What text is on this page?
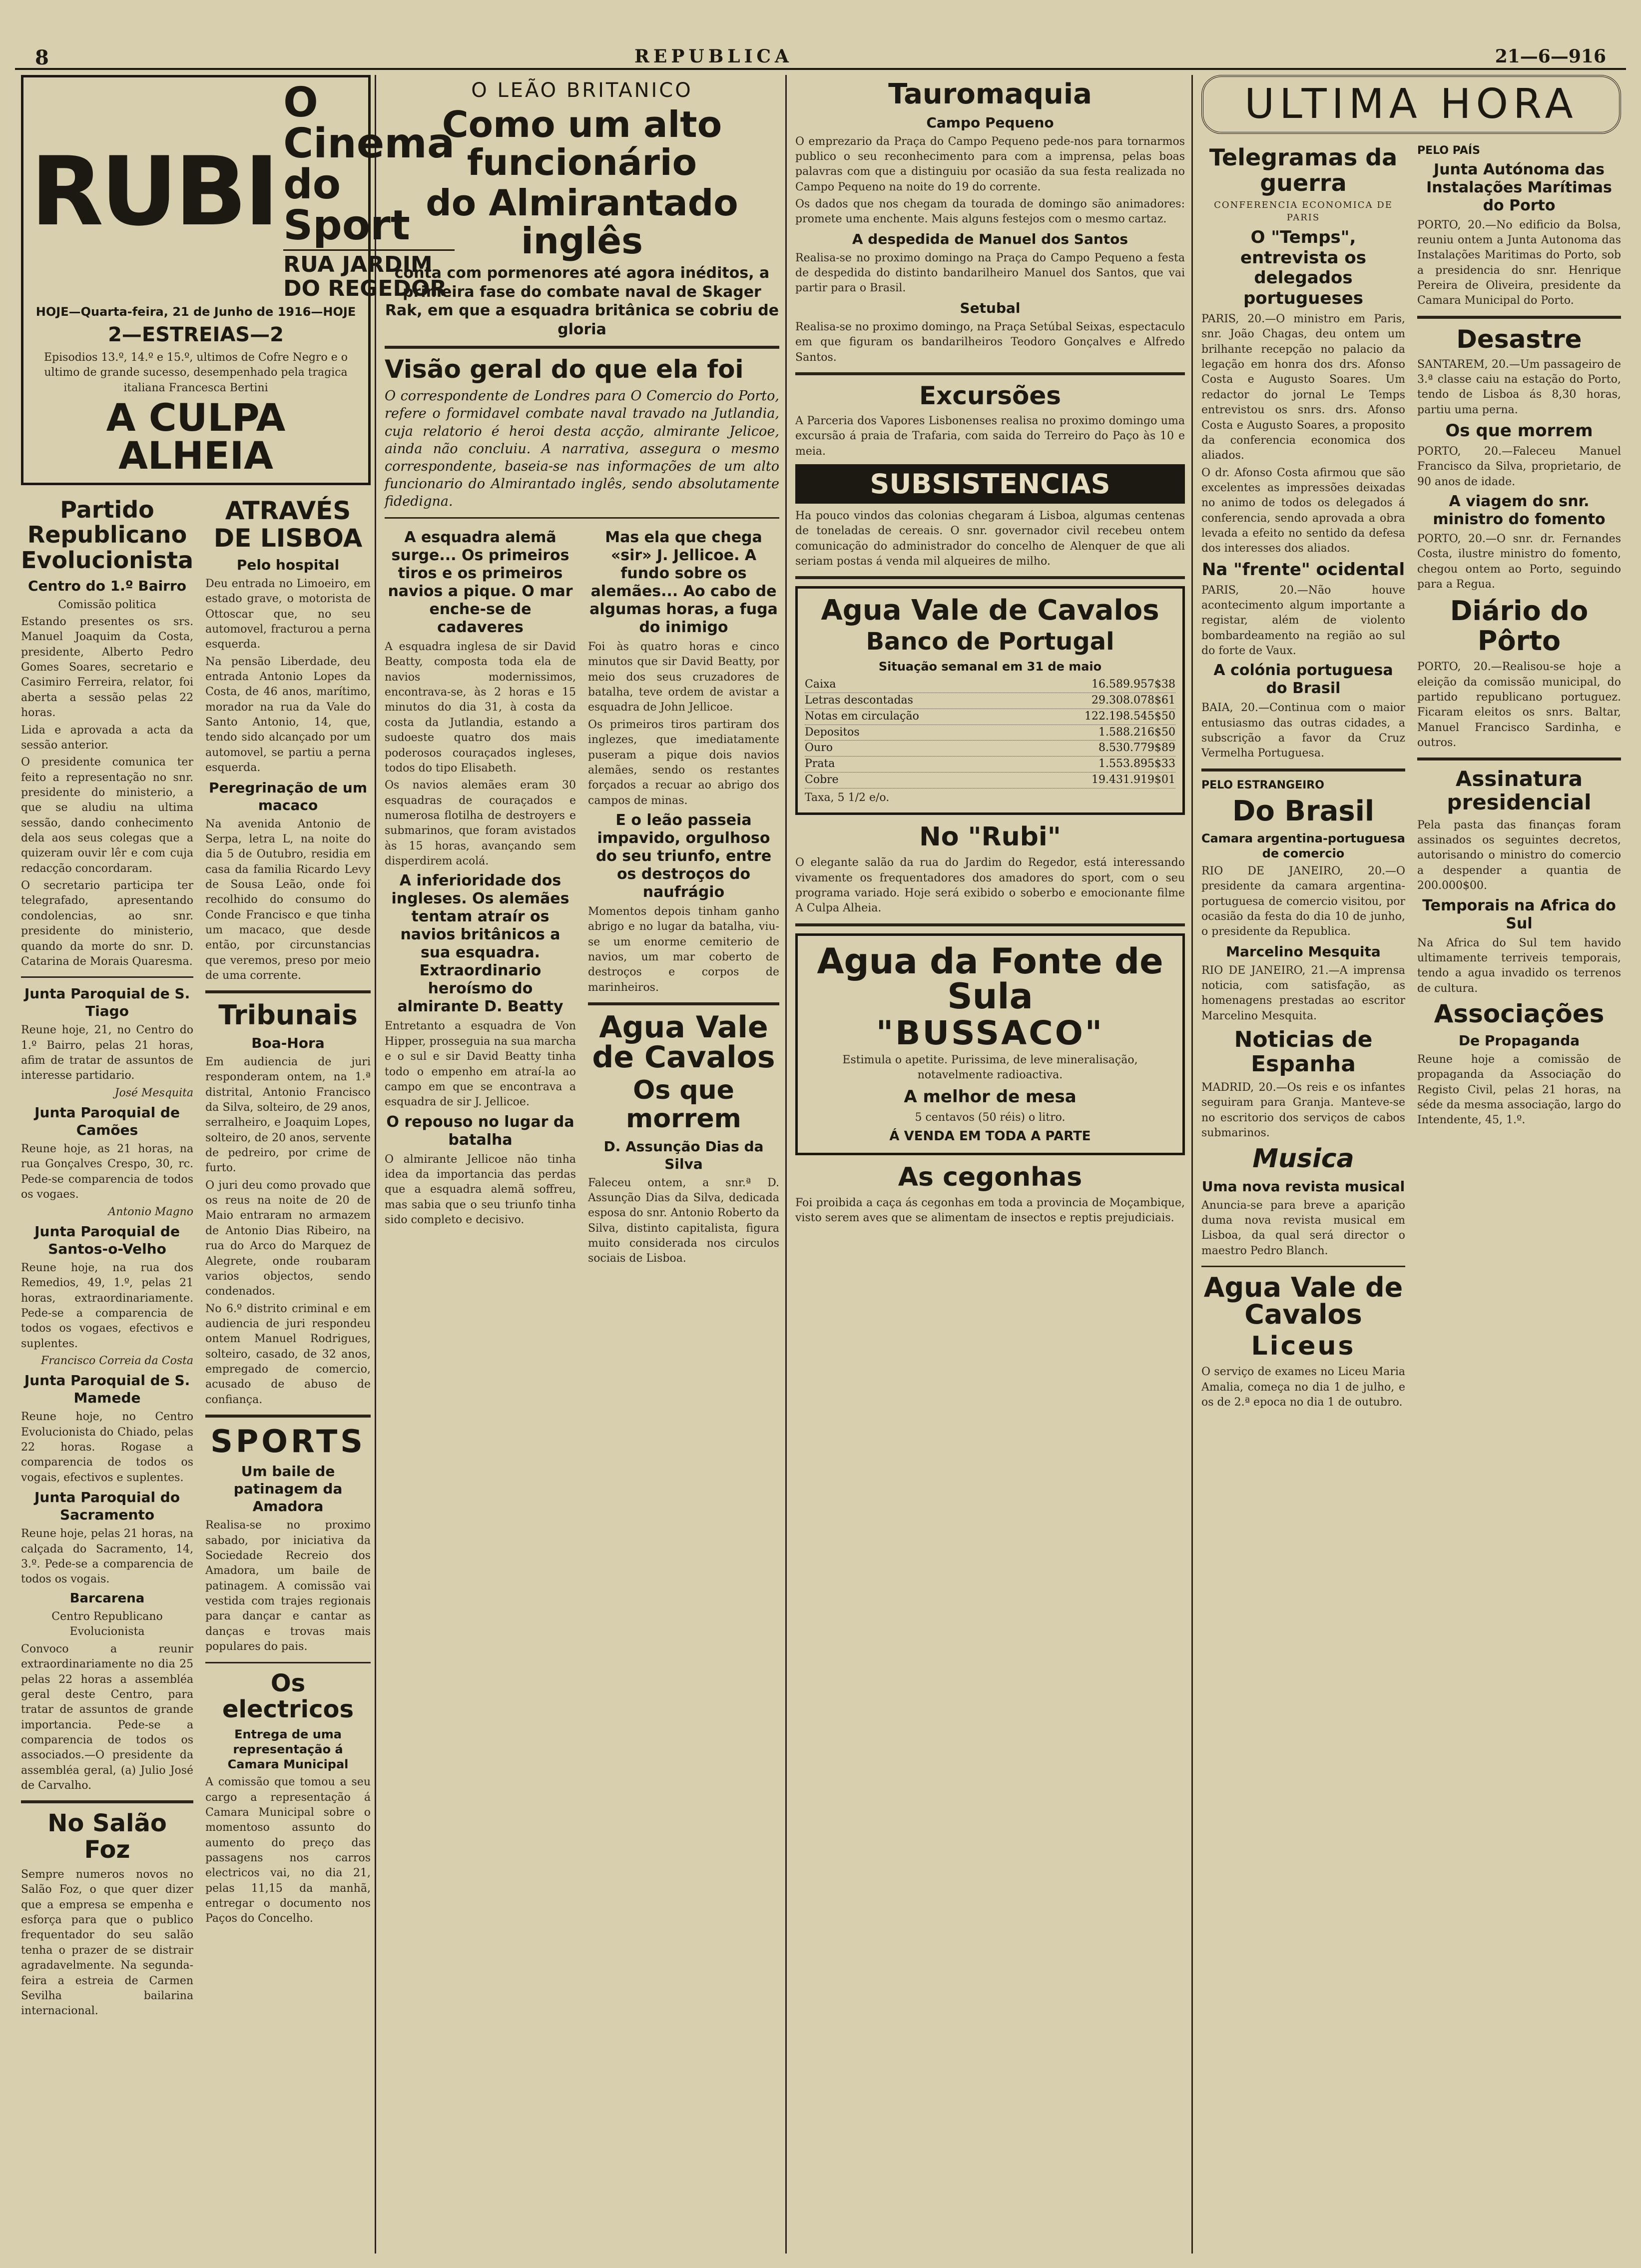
8	REPUBLICA	21—6—916
RUBI
O Cinema do Sport
RUA JARDIM DO REGEDOR
HOJE—Quarta-feira, 21 de Junho de 1916—HOJE
2—ESTREIAS—2
Episodios 13.º, 14.º e 15.º, ultimos de Cofre Negro e o ultimo de grande sucesso, desempenhado pela tragica italiana Francesca Bertini
A CULPA ALHEIA
Partido Republicano Evolucionista
Centro do 1.º Bairro
Comissão politica

Estando presentes os srs. Manuel Joaquim da Costa, presidente, Alberto Pedro Gomes Soares, secretario e Casimiro Ferreira, relator, foi aberta a sessão pelas 22 horas.

Lida e aprovada a acta da sessão anterior.

O presidente comunica ter feito a representação no snr. presidente do ministerio, a que se aludiu na ultima sessão, dando conhecimento dela aos seus colegas que a quizeram ouvir lêr e com cuja redacção concordaram.

O secretario participa ter telegrafado, apresentando condolencias, ao snr. presidente do ministerio, quando da morte do snr. D. Catarina de Morais Quaresma.

Junta Paroquial de S. Tiago

Reune hoje, 21, no Centro do 1.º Bairro, pelas 21 horas, afim de tratar de assuntos de interesse partidario.

José Mesquita

Junta Paroquial de Camões

Reune hoje, as 21 horas, na rua Gonçalves Crespo, 30, rc. Pede-se comparencia de todos os vogaes.

Antonio Magno

Junta Paroquial de Santos-o-Velho

Reune hoje, na rua dos Remedios, 49, 1.º, pelas 21 horas, extraordinariamente. Pede-se a comparencia de todos os vogaes, efectivos e suplentes.

Francisco Correia da Costa

Junta Paroquial de S. Mamede

Reune hoje, no Centro Evolucionista do Chiado, pelas 22 horas. Rogase a comparencia de todos os vogais, efectivos e suplentes.

Junta Paroquial do Sacramento

Reune hoje, pelas 21 horas, na calçada do Sacramento, 14, 3.º. Pede-se a comparencia de todos os vogais.

Barcarena
Centro Republicano Evolucionista

Convoco a reunir extraordinariamente no dia 25 pelas 22 horas a assembléa geral deste Centro, para tratar de assuntos de grande importancia. Pede-se a comparencia de todos os associados.—O presidente da assembléa geral, (a) Julio José de Carvalho.

No Salão Foz

Sempre numeros novos no Salão Foz, o que quer dizer que a empresa se empenha e esforça para que o publico frequentador do seu salão tenha o prazer de se distrair agradavelmente. Na segunda-feira a estreia de Carmen Sevilha bailarina internacional.

ATRAVÉS DE LISBOA
Pelo hospital

Deu entrada no Limoeiro, em estado grave, o motorista de Ottoscar que, no seu automovel, fracturou a perna esquerda.

Na pensão Liberdade, deu entrada Antonio Lopes da Costa, de 46 anos, marítimo, morador na rua da Vale do Santo Antonio, 14, que, tendo sido alcançado por um automovel, se partiu a perna esquerda.

Peregrinação de um macaco

Na avenida Antonio de Serpa, letra L, na noite do dia 5 de Outubro, residia em casa da familia Ricardo Levy de Sousa Leão, onde foi recolhido do consumo do Conde Francisco e que tinha um macaco, que desde então, por circunstancias que veremos, preso por meio de uma corrente.

Tribunais
Boa-Hora

Em audiencia de juri responderam ontem, na 1.ª distrital, Antonio Francisco da Silva, solteiro, de 29 anos, serralheiro, e Joaquim Lopes, solteiro, de 20 anos, servente de pedreiro, por crime de furto.

O juri deu como provado que os reus na noite de 20 de Maio entraram no armazem de Antonio Dias Ribeiro, na rua do Arco do Marquez de Alegrete, onde roubaram varios objectos, sendo condenados.

No 6.º distrito criminal e em audiencia de juri respondeu ontem Manuel Rodrigues, solteiro, casado, de 32 anos, empregado de comercio, acusado de abuso de confiança.

SPORTS
Um baile de patinagem da Amadora

Realisa-se no proximo sabado, por iniciativa da Sociedade Recreio dos Amadora, um baile de patinagem. A comissão vai vestida com trajes regionais para dançar e cantar as danças e trovas mais populares do pais.

Os electricos
Entrega de uma representação á Camara Municipal

A comissão que tomou a seu cargo a representação á Camara Municipal sobre o momentoso assunto do aumento do preço das passagens nos carros electricos vai, no dia 21, pelas 11,15 da manhã, entregar o documento nos Paços do Concelho.

O LEÃO BRITANICO
Como um alto funcionário
do Almirantado inglês
conta com pormenores até agora inéditos, a primeira fase do combate naval de Skager Rak, em que a esquadra britânica se cobriu de gloria
Visão geral do que ela foi

O correspondente de Londres para O Comercio do Porto, refere o formidavel combate naval travado na Jutlandia, cuja relatorio é heroi desta acção, almirante Jelicoe, ainda não concluiu. A narrativa, assegura o mesmo correspondente, baseia-se nas informações de um alto funcionario do Almirantado inglês, sendo absolutamente fidedigna.

A esquadra alemã surge... Os primeiros tiros e os primeiros navios a pique. O mar enche-se de cadaveres

A esquadra inglesa de sir David Beatty, composta toda ela de navios modernissimos, encontrava-se, às 2 horas e 15 minutos do dia 31, à costa da costa da Jutlandia, estando a sudoeste quatro dos mais poderosos couraçados ingleses, todos do tipo Elisabeth.

Os navios alemães eram 30 esquadras de couraçados e numerosa flotilha de destroyers e submarinos, que foram avistados às 15 horas, avançando sem disperdirem acolá.

A inferioridade dos ingleses. Os alemães tentam atraír os navios britânicos a sua esquadra. Extraordinario heroísmo do almirante D. Beatty

Entretanto a esquadra de Von Hipper, prosseguia na sua marcha e o sul e sir David Beatty tinha todo o empenho em atraí-la ao campo em que se encontrava a esquadra de sir J. Jellicoe.

O repouso no lugar da batalha

O almirante Jellicoe não tinha idea da importancia das perdas que a esquadra alemã soffreu, mas sabia que o seu triunfo tinha sido completo e decisivo.

Mas ela que chega «sir» J. Jellicoe. A fundo sobre os alemães... Ao cabo de algumas horas, a fuga do inimigo

Foi às quatro horas e cinco minutos que sir David Beatty, por meio dos seus cruzadores de batalha, teve ordem de avistar a esquadra de John Jellicoe.

Os primeiros tiros partiram dos inglezes, que imediatamente puseram a pique dois navios alemães, sendo os restantes forçados a recuar ao abrigo dos campos de minas.

E o leão passeia impavido, orgulhoso do seu triunfo, entre os destroços do naufrágio

Momentos depois tinham ganho abrigo e no lugar da batalha, viu-se um enorme cemiterio de navios, um mar coberto de destroços e corpos de marinheiros.

Agua Vale de Cavalos
Os que morrem
D. Assunção Dias da Silva

Faleceu ontem, a snr.ª D. Assunção Dias da Silva, dedicada esposa do snr. Antonio Roberto da Silva, distinto capitalista, figura muito considerada nos circulos sociais de Lisboa.

Tauromaquia
Campo Pequeno

O emprezario da Praça do Campo Pequeno pede-nos para tornarmos publico o seu reconhecimento para com a imprensa, pelas boas palavras com que a distinguiu por ocasião da sua festa realizada no Campo Pequeno na noite do 19 do corrente.

Os dados que nos chegam da tourada de domingo são animadores: promete uma enchente. Mais alguns festejos com o mesmo cartaz.

A despedida de Manuel dos Santos

Realisa-se no proximo domingo na Praça do Campo Pequeno a festa de despedida do distinto bandarilheiro Manuel dos Santos, que vai partir para o Brasil.

Setubal

Realisa-se no proximo domingo, na Praça Setúbal Seixas, espectaculo em que figuram os bandarilheiros Teodoro Gonçalves e Alfredo Santos.

Excursões

A Parceria dos Vapores Lisbonenses realisa no proximo domingo uma excursão á praia de Trafaria, com saida do Terreiro do Paço às 10 e meia.

SUBSISTENCIAS

Ha pouco vindos das colonias chegaram á Lisboa, algumas centenas de toneladas de cereais. O snr. governador civil recebeu ontem comunicação do administrador do concelho de Alenquer de que ali seriam postas á venda mil alqueires de milho.

Agua Vale de Cavalos
Banco de Portugal
Situação semanal em 31 de maio
Caixa	16.589.957$38
Letras descontadas	29.308.078$61
Notas em circulação	122.198.545$50
Depositos	1.588.216$50
Ouro	8.530.779$89
Prata	1.553.895$33
Cobre	19.431.919$01
Taxa, 5 1/2 e/o.
No "Rubi"

O elegante salão da rua do Jardim do Regedor, está interessando vivamente os frequentadores dos amadores do sport, com o seu programa variado. Hoje será exibido o soberbo e emocionante filme A Culpa Alheia.

Agua da Fonte de Sula
"BUSSACO"

Estimula o apetite. Purissima, de leve mineralisação, notavelmente radioactiva.

A melhor de mesa
5 centavos (50 réis) o litro.
Á VENDA EM TODA A PARTE
As cegonhas

Foi proibida a caça ás cegonhas em toda a provincia de Moçambique, visto serem aves que se alimentam de insectos e reptis prejudiciais.

ULTIMA HORA
Telegramas da guerra
CONFERENCIA ECONOMICA DE PARIS
O "Temps", entrevista os delegados portugueses

PARIS, 20.—O ministro em Paris, snr. João Chagas, deu ontem um brilhante recepção no palacio da legação em honra dos drs. Afonso Costa e Augusto Soares. Um redactor do jornal Le Temps entrevistou os snrs. drs. Afonso Costa e Augusto Soares, a proposito da conferencia economica dos aliados.

O dr. Afonso Costa afirmou que são excelentes as impressões deixadas no animo de todos os delegados á conferencia, sendo aprovada a obra levada a efeito no sentido da defesa dos interesses dos aliados.

Na "frente" ocidental

PARIS, 20.—Não houve acontecimento algum importante a registar, além de violento bombardeamento na região ao sul do forte de Vaux.

A colónia portuguesa do Brasil

BAIA, 20.—Continua com o maior entusiasmo das outras cidades, a subscrição a favor da Cruz Vermelha Portuguesa.

PELO ESTRANGEIRO
Do Brasil
Camara argentina-portuguesa de comercio

RIO DE JANEIRO, 20.—O presidente da camara argentina-portuguesa de comercio visitou, por ocasião da festa do dia 10 de junho, o presidente da Republica.

Marcelino Mesquita

RIO DE JANEIRO, 21.—A imprensa noticia, com satisfação, as homenagens prestadas ao escritor Marcelino Mesquita.

Noticias de Espanha

MADRID, 20.—Os reis e os infantes seguiram para Granja. Manteve-se no escritorio dos serviços de cabos submarinos.

Musica
Uma nova revista musical

Anuncia-se para breve a aparição duma nova revista musical em Lisboa, da qual será director o maestro Pedro Blanch.

Agua Vale de Cavalos
Liceus

O serviço de exames no Liceu Maria Amalia, começa no dia 1 de julho, e os de 2.ª epoca no dia 1 de outubro.

PELO PAÍS
Junta Autónoma das Instalações Marítimas do Porto

PORTO, 20.—No edificio da Bolsa, reuniu ontem a Junta Autonoma das Instalações Maritimas do Porto, sob a presidencia do snr. Henrique Pereira de Oliveira, presidente da Camara Municipal do Porto.

Desastre

SANTAREM, 20.—Um passageiro de 3.ª classe caiu na estação do Porto, tendo de Lisboa ás 8,30 horas, partiu uma perna.

Os que morrem

PORTO, 20.—Faleceu Manuel Francisco da Silva, proprietario, de 90 anos de idade.

A viagem do snr. ministro do fomento

PORTO, 20.—O snr. dr. Fernandes Costa, ilustre ministro do fomento, chegou ontem ao Porto, seguindo para a Regua.

Diário do Pôrto

PORTO, 20.—Realisou-se hoje a eleição da comissão municipal, do partido republicano portuguez. Ficaram eleitos os snrs. Baltar, Manuel Francisco Sardinha, e outros.

Assinatura presidencial

Pela pasta das finanças foram assinados os seguintes decretos, autorisando o ministro do comercio a despender a quantia de 200.000$00.

Temporais na Africa do Sul

Na Africa do Sul tem havido ultimamente terriveis temporais, tendo a agua invadido os terrenos de cultura.

Associações
De Propaganda

Reune hoje a comissão de propaganda da Associação do Registo Civil, pelas 21 horas, na séde da mesma associação, largo do Intendente, 45, 1.º.
